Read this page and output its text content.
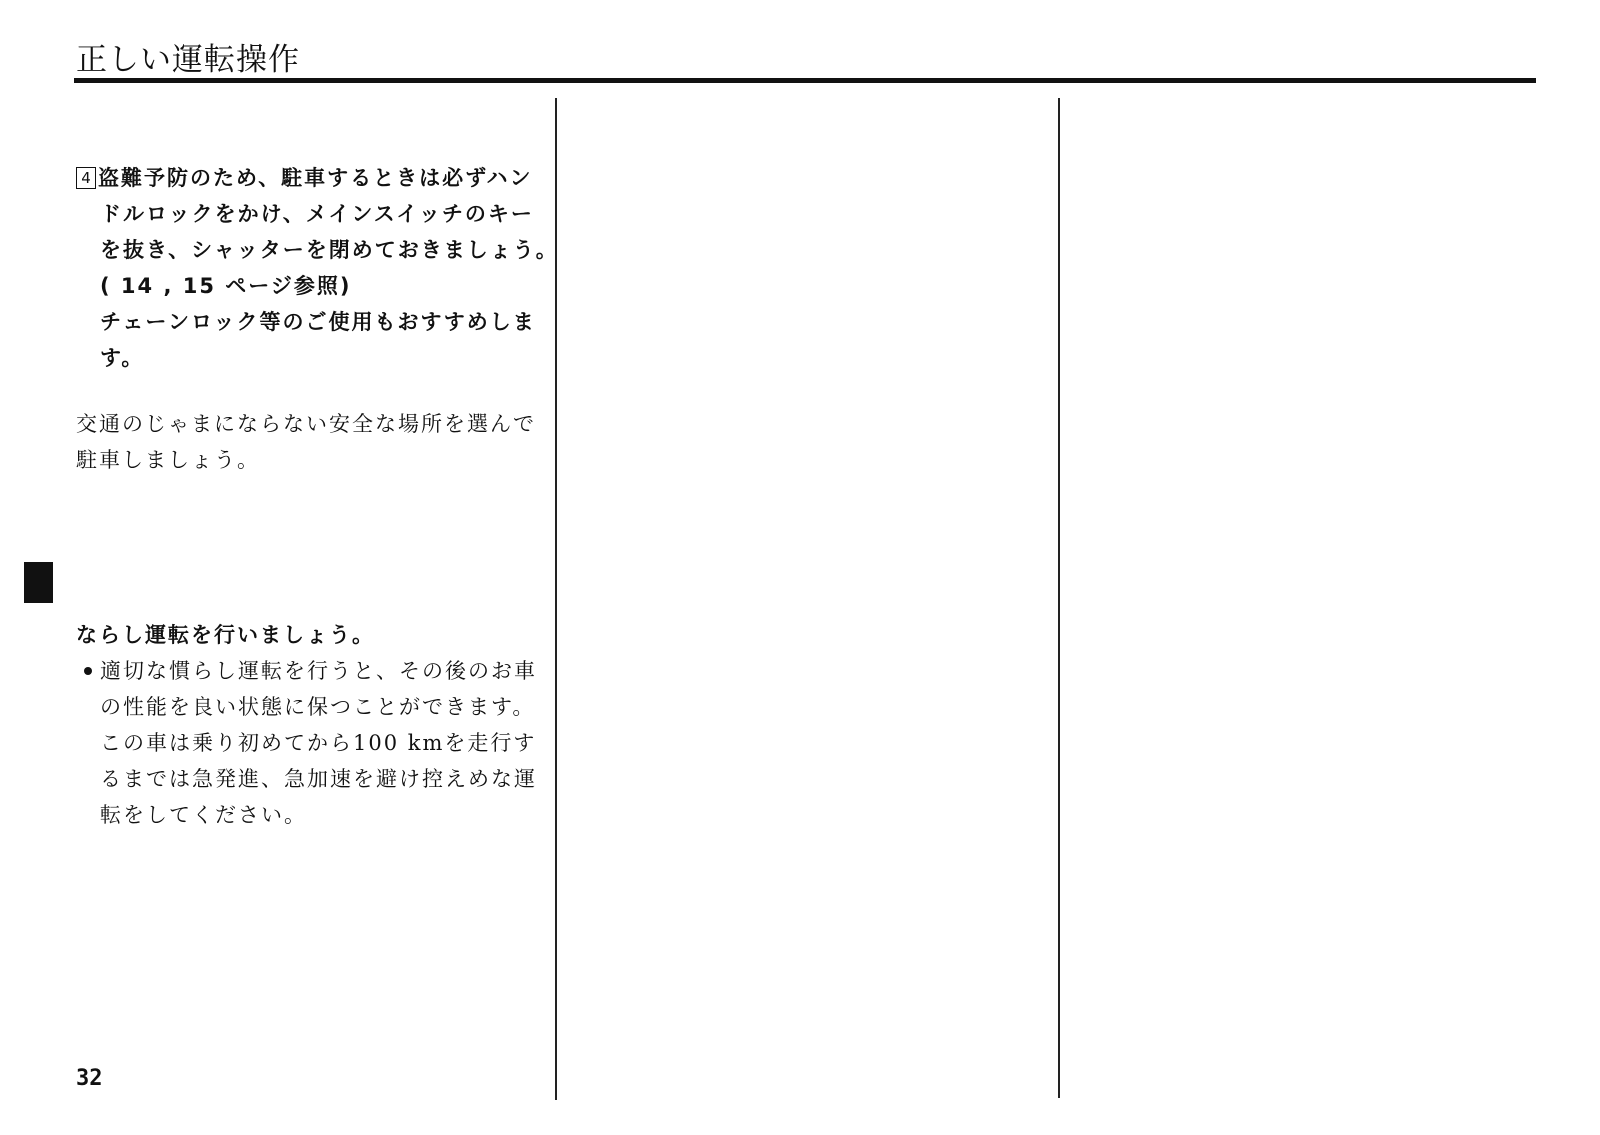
正しい運転操作
4 盗難予防のため、駐車するときは必ずハン
ドルロックをかけ、メインスイッチのキー
を抜き、シャッターを閉めておきましょう。
( 14 , 15 ページ参照)
チェーンロック等のご使用もおすすめしま
す。
交通のじゃまにならない安全な場所を選んで
駐車しましょう。
ならし運転を行いましょう。
適切な慣らし運転を行うと、その後のお車
の性能を良い状態に保つことができます。
この車は乗り初めてから100 kmを走行す
るまでは急発進、急加速を避け控えめな運
転をしてください。
32
